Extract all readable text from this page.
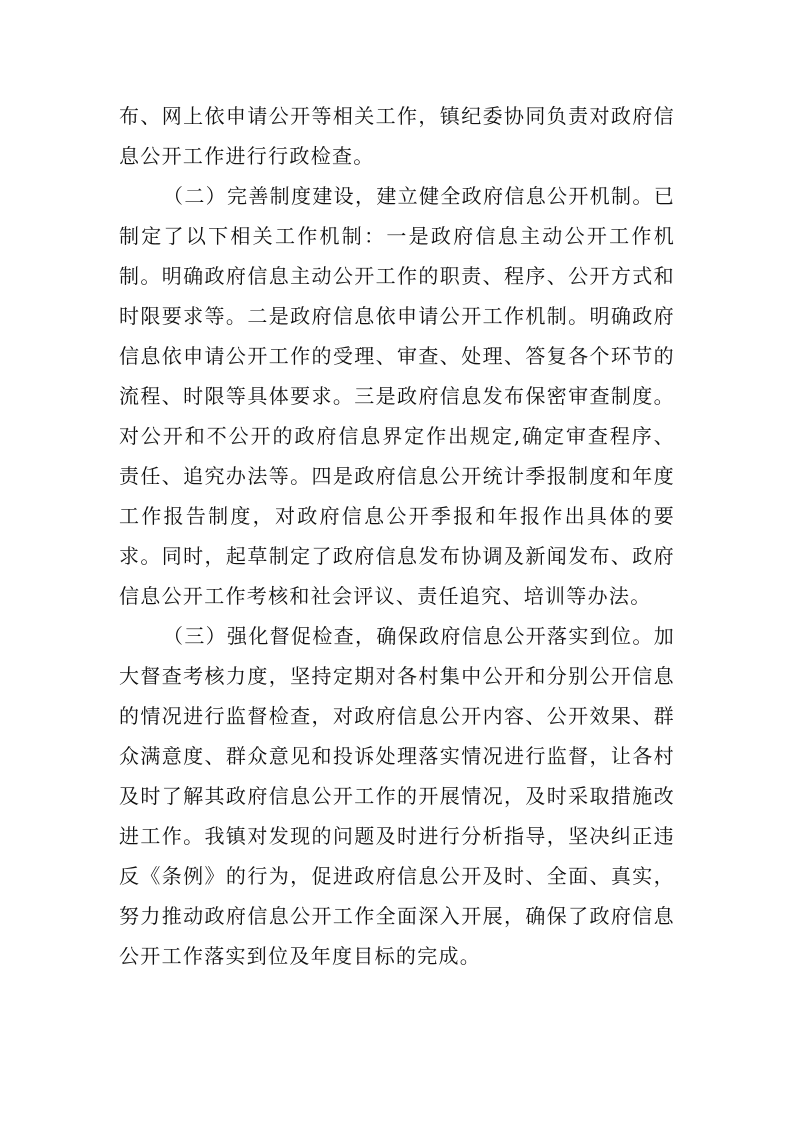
布、网上依申请公开等相关工作，镇纪委协同负责对政府信
息公开工作进行行政检查。
（二）完善制度建设，建立健全政府信息公开机制。已
制定了以下相关工作机制：一是政府信息主动公开工作机
制。明确政府信息主动公开工作的职责、程序、公开方式和
时限要求等。二是政府信息依申请公开工作机制。明确政府
信息依申请公开工作的受理、审查、处理、答复各个环节的
流程、时限等具体要求。三是政府信息发布保密审查制度。
对公开和不公开的政府信息界定作出规定,确定审查程序、
责任、追究办法等。四是政府信息公开统计季报制度和年度
工作报告制度，对政府信息公开季报和年报作出具体的要
求。同时，起草制定了政府信息发布协调及新闻发布、政府
信息公开工作考核和社会评议、责任追究、培训等办法。
（三）强化督促检查，确保政府信息公开落实到位。加
大督查考核力度，坚持定期对各村集中公开和分别公开信息
的情况进行监督检查，对政府信息公开内容、公开效果、群
众满意度、群众意见和投诉处理落实情况进行监督，让各村
及时了解其政府信息公开工作的开展情况，及时采取措施改
进工作。我镇对发现的问题及时进行分析指导，坚决纠正违
反《条例》的行为，促进政府信息公开及时、全面、真实，
努力推动政府信息公开工作全面深入开展，确保了政府信息
公开工作落实到位及年度目标的完成。
